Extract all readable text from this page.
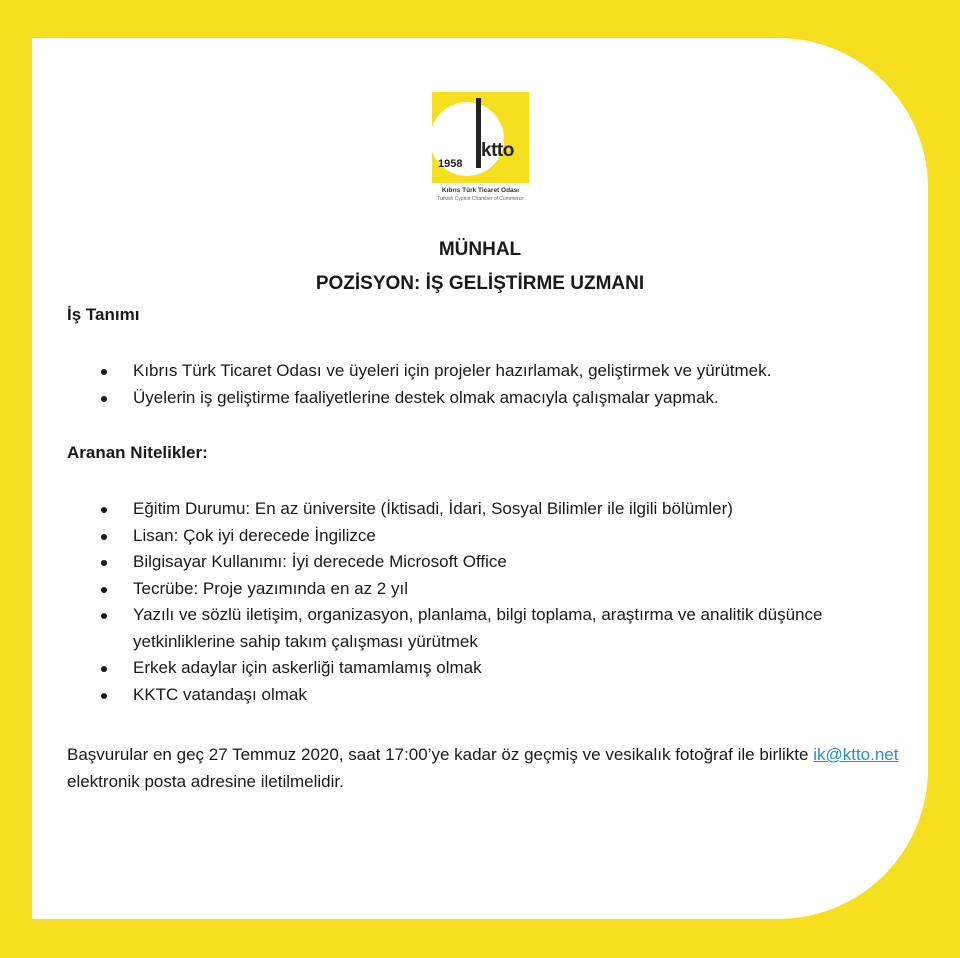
1958
ktto
Kıbrıs Türk Ticaret Odası
Turkish Cypriot Chamber of Commerce
MÜNHAL
POZİSYON: İŞ GELİŞTİRME UZMANI
İş Tanımı
Kıbrıs Türk Ticaret Odası ve üyeleri için projeler hazırlamak, geliştirmek ve yürütmek.
Üyelerin iş geliştirme faaliyetlerine destek olmak amacıyla çalışmalar yapmak.
Aranan Nitelikler:
Eğitim Durumu: En az üniversite (İktisadi, İdari, Sosyal Bilimler ile ilgili bölümler)
Lisan: Çok iyi derecede İngilizce
Bilgisayar Kullanımı: İyi derecede Microsoft Office
Tecrübe: Proje yazımında en az 2 yıl
Yazılı ve sözlü iletişim, organizasyon, planlama, bilgi toplama, araştırma ve analitik düşünce yetkinliklerine sahip takım çalışması yürütmek
Erkek adaylar için askerliği tamamlamış olmak
KKTC vatandaşı olmak

Başvurular en geç 27 Temmuz 2020, saat 17:00’ye kadar öz geçmiş ve vesikalık fotoğraf ile birlikte ik@ktto.net elektronik posta adresine iletilmelidir.
